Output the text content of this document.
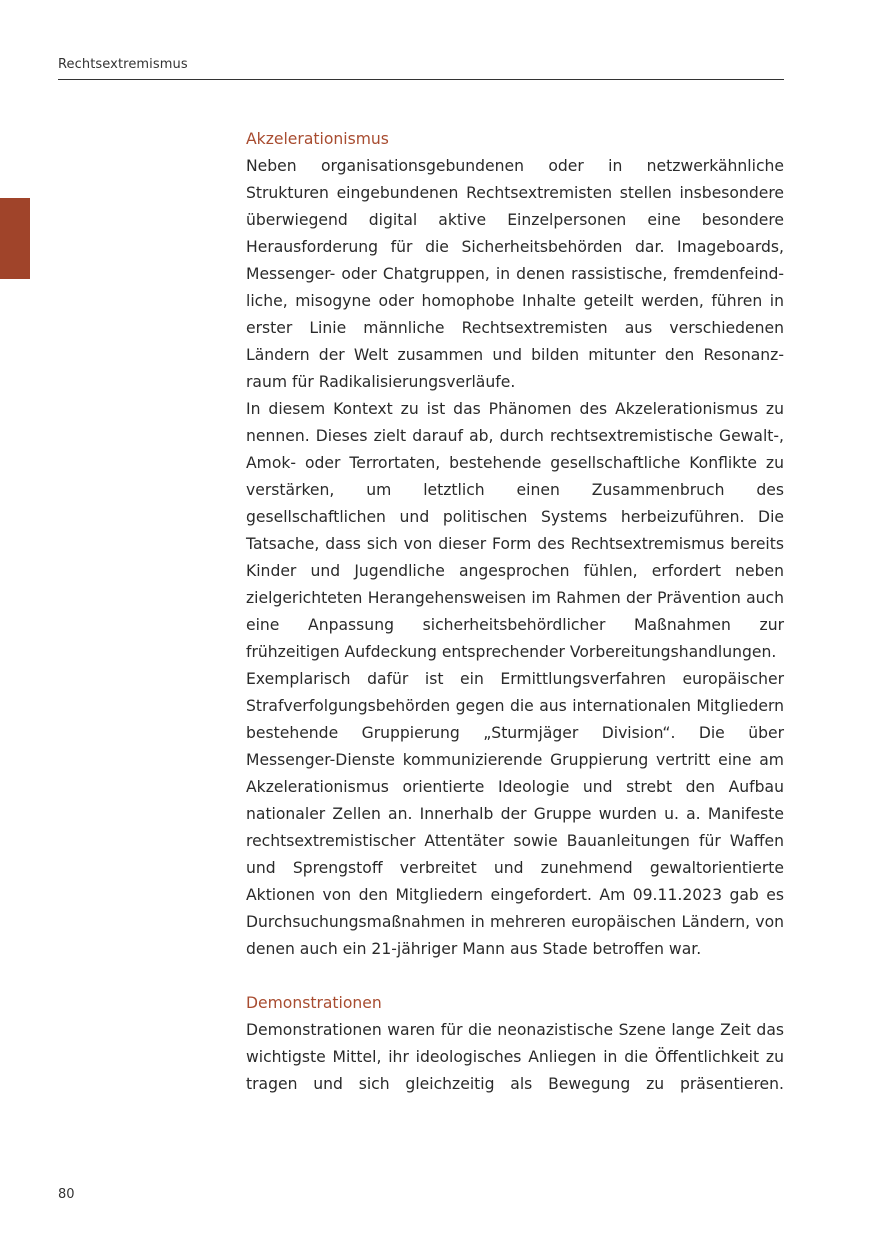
Rechtsextremismus
Akzelerationismus

Neben organisationsgebundenen oder in netzwerkähnliche Strukturen eingebundenen Rechtsextremisten stellen insbesondere überwiegend digital aktive Einzelpersonen eine besondere Herausforderung für die Sicherheitsbehörden dar. Imageboards, Messenger- oder Chatgruppen, in denen rassistische, fremdenfeindliche, misogyne oder homophobe Inhalte geteilt werden, führen in erster Linie männliche Rechtsextremisten aus verschiedenen Ländern der Welt zusammen und bilden mitunter den Resonanzraum für Radikalisierungsverläufe.

In diesem Kontext zu ist das Phänomen des Akzelerationismus zu nennen. Dieses zielt darauf ab, durch rechtsextremistische Gewalt-, Amok- oder Terrortaten, bestehende gesellschaftliche Konflikte zu verstärken, um letztlich einen Zusammenbruch des gesellschaftlichen und politischen Systems herbeizuführen. Die Tatsache, dass sich von dieser Form des Rechtsextremismus bereits Kinder und Jugendliche angesprochen fühlen, erfordert neben zielgerichteten Herangehensweisen im Rahmen der Prävention auch eine Anpassung sicherheitsbehördlicher Maßnahmen zur frühzeitigen Aufdeckung entsprechender Vorbereitungshandlungen.

Exemplarisch dafür ist ein Ermittlungsverfahren europäischer Strafverfolgungsbehörden gegen die aus internationalen Mitgliedern bestehende Gruppierung „Sturmjäger Division“. Die über Messenger-Dienste kommunizierende Gruppierung vertritt eine am Akzelerationismus orientierte Ideologie und strebt den Aufbau nationaler Zellen an. Innerhalb der Gruppe wurden u. a. Manifeste rechtsextremistischer Attentäter sowie Bauanleitungen für Waffen und Sprengstoff verbreitet und zunehmend gewaltorientierte Aktionen von den Mitgliedern eingefordert. Am 09.11.2023 gab es Durchsuchungsmaßnahmen in mehreren europäischen Ländern, von denen auch ein 21-jähriger Mann aus Stade betroffen war.

Demonstrationen

Demonstrationen waren für die neonazistische Szene lange Zeit das wichtigste Mittel, ihr ideologisches Anliegen in die Öffentlichkeit zu tragen und sich gleichzeitig als Bewegung zu präsentieren.

80
